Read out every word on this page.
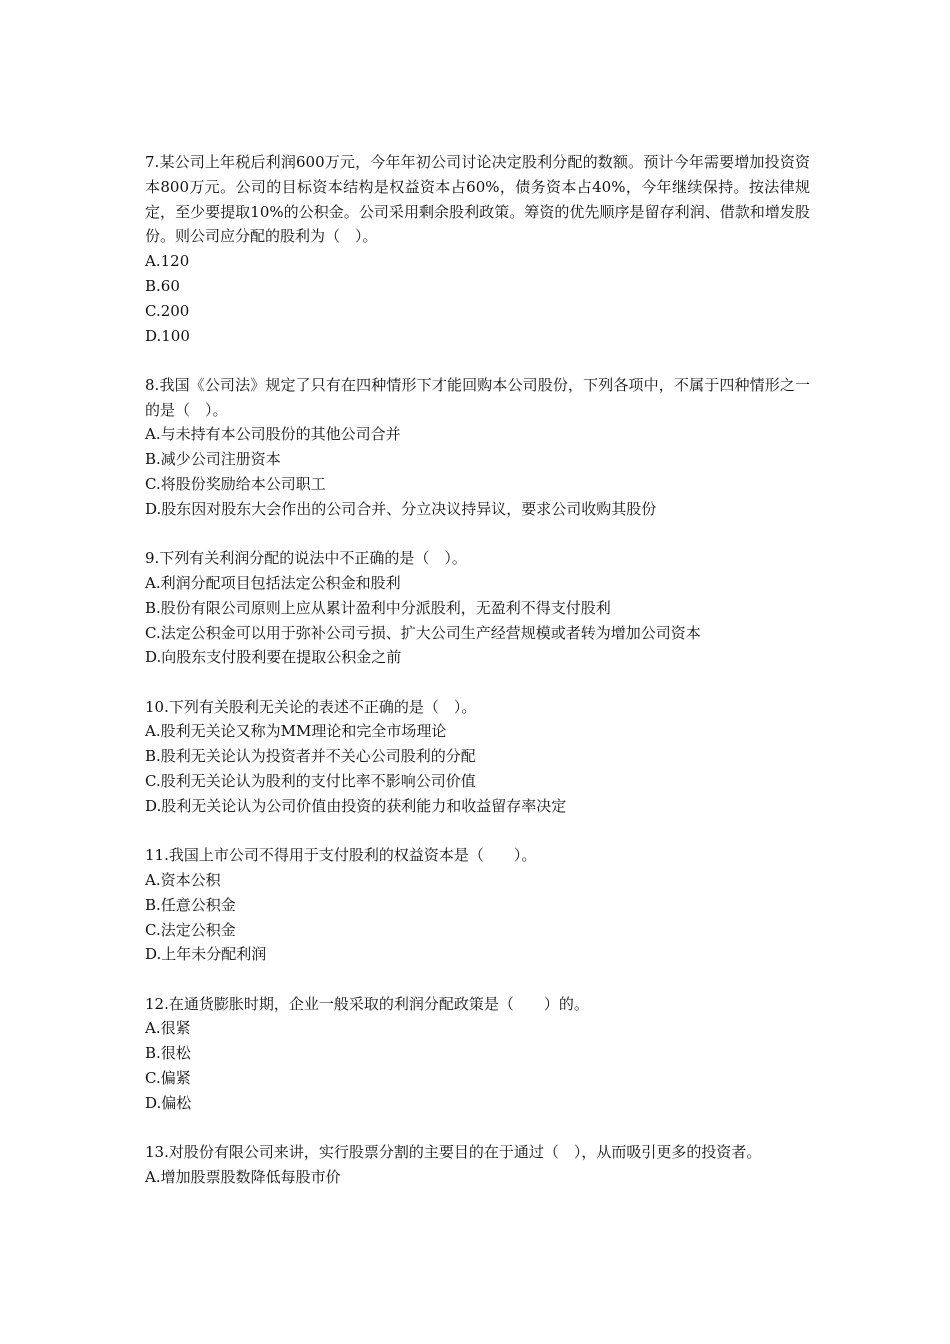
7.某公司上年税后利润600万元，今年年初公司讨论决定股利分配的数额。预计今年需要增加投资资本800万元。公司的目标资本结构是权益资本占60%，债务资本占40%，今年继续保持。按法律规定，至少要提取10%的公积金。公司采用剩余股利政策。筹资的优先顺序是留存利润、借款和增发股份。则公司应分配的股利为（　）。
A.120
B.60
C.200
D.100
8.我国《公司法》规定了只有在四种情形下才能回购本公司股份，下列各项中，不属于四种情形之一的是（　）。
A.与未持有本公司股份的其他公司合并
B.减少公司注册资本
C.将股份奖励给本公司职工
D.股东因对股东大会作出的公司合并、分立决议持异议，要求公司收购其股份
9.下列有关利润分配的说法中不正确的是（　）。
A.利润分配项目包括法定公积金和股利
B.股份有限公司原则上应从累计盈利中分派股利，无盈利不得支付股利
C.法定公积金可以用于弥补公司亏损、扩大公司生产经营规模或者转为增加公司资本
D.向股东支付股利要在提取公积金之前
10.下列有关股利无关论的表述不正确的是（　）。
A.股利无关论又称为MM理论和完全市场理论
B.股利无关论认为投资者并不关心公司股利的分配
C.股利无关论认为股利的支付比率不影响公司价值
D.股利无关论认为公司价值由投资的获利能力和收益留存率决定
11.我国上市公司不得用于支付股利的权益资本是（　　）。
A.资本公积
B.任意公积金
C.法定公积金
D.上年未分配利润
12.在通货膨胀时期，企业一般采取的利润分配政策是（　　）的。
A.很紧
B.很松
C.偏紧
D.偏松
13.对股份有限公司来讲，实行股票分割的主要目的在于通过（　），从而吸引更多的投资者。
A.增加股票股数降低每股市价
